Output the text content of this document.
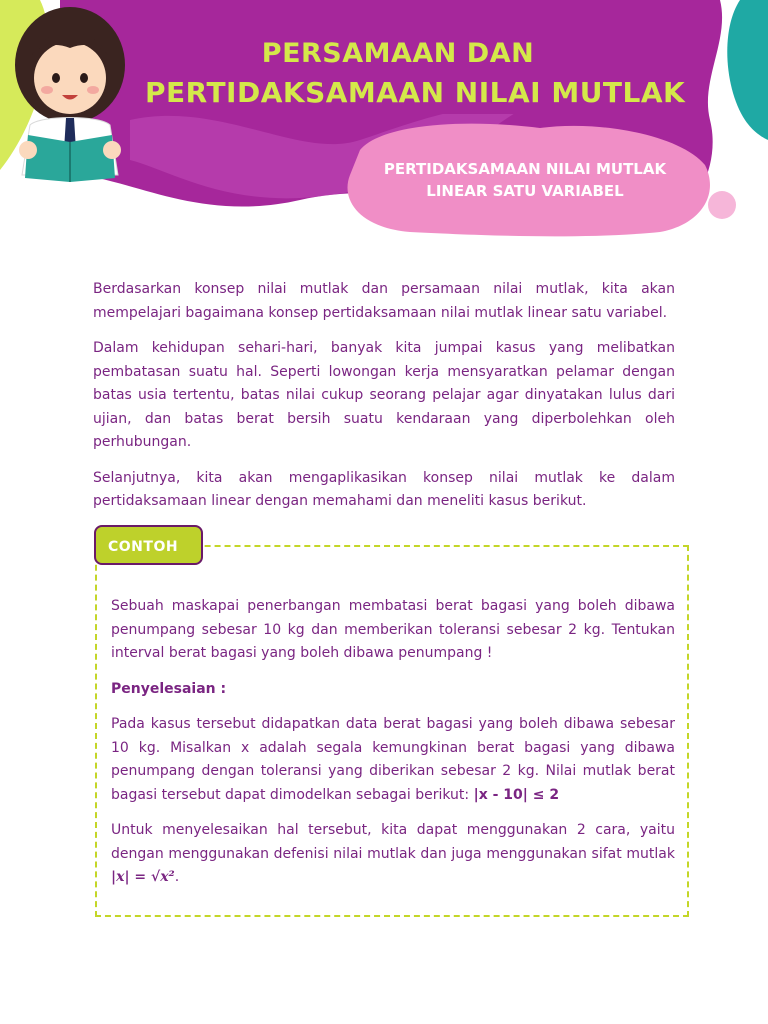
PERSAMAAN DAN
PERTIDAKSAMAAN NILAI MUTLAK
PERTIDAKSAMAAN NILAI MUTLAK
LINEAR SATU VARIABEL

Berdasarkan konsep nilai mutlak dan persamaan nilai mutlak, kita akan mempelajari bagaimana konsep pertidaksamaan nilai mutlak linear satu variabel.

Dalam kehidupan sehari-hari, banyak kita jumpai kasus yang melibatkan pembatasan suatu hal. Seperti lowongan kerja mensyaratkan pelamar dengan batas usia tertentu, batas nilai cukup seorang pelajar agar dinyatakan lulus dari ujian, dan batas berat bersih suatu kendaraan yang diperbolehkan oleh perhubungan.

Selanjutnya, kita akan mengaplikasikan konsep nilai mutlak ke dalam pertidaksamaan linear dengan memahami dan meneliti kasus berikut.

CONTOH

Sebuah maskapai penerbangan membatasi berat bagasi yang boleh dibawa penumpang sebesar 10 kg dan memberikan toleransi sebesar 2 kg. Tentukan interval berat bagasi yang boleh dibawa penumpang !

Penyelesaian :

Pada kasus tersebut didapatkan data berat bagasi yang boleh dibawa sebesar 10 kg. Misalkan x adalah segala kemungkinan berat bagasi yang dibawa penumpang dengan toleransi yang diberikan sebesar 2 kg. Nilai mutlak berat bagasi tersebut dapat dimodelkan sebagai berikut: |x - 10| ≤ 2

Untuk menyelesaikan hal tersebut, kita dapat menggunakan 2 cara, yaitu dengan menggunakan defenisi nilai mutlak dan juga menggunakan sifat mutlak |x| = √x².
